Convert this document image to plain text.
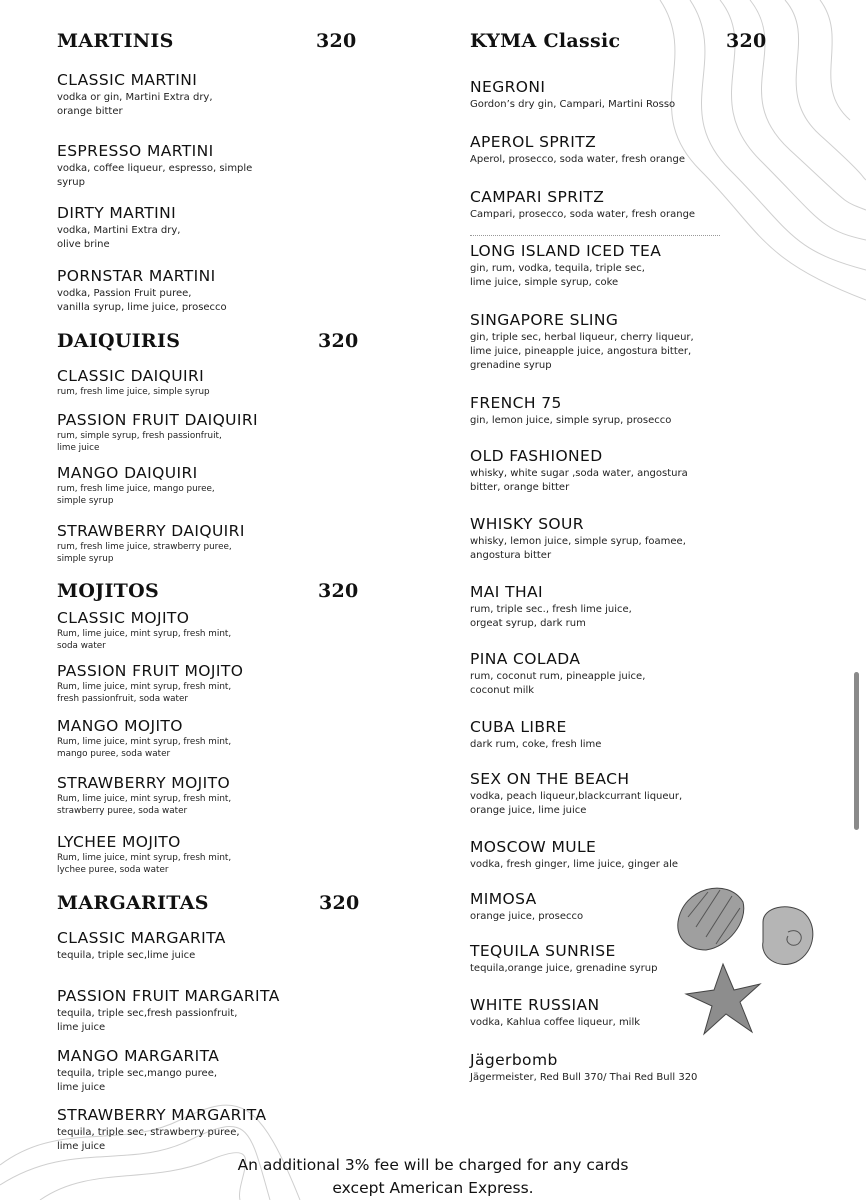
MARTINIS	320
CLASSIC MARTINI
vodka or gin, Martini Extra dry,
orange bitter
ESPRESSO MARTINI
vodka, coffee liqueur, espresso, simple
syrup
DIRTY MARTINI
vodka, Martini Extra dry,
olive brine
PORNSTAR MARTINI
vodka, Passion Fruit puree,
vanilla syrup, lime juice, prosecco
DAIQUIRIS	320
CLASSIC DAIQUIRI
rum, fresh lime juice, simple syrup
PASSION FRUIT DAIQUIRI
rum, simple syrup, fresh passionfruit,
lime juice
MANGO DAIQUIRI
rum, fresh lime juice, mango puree,
simple syrup
STRAWBERRY DAIQUIRI
rum, fresh lime juice, strawberry puree,
simple syrup
MOJITOS	320
CLASSIC MOJITO
Rum, lime juice, mint syrup, fresh mint,
soda water
PASSION FRUIT MOJITO
Rum, lime juice, mint syrup, fresh mint,
fresh passionfruit, soda water
MANGO MOJITO
Rum, lime juice, mint syrup, fresh mint,
mango puree, soda water
STRAWBERRY MOJITO
Rum, lime juice, mint syrup, fresh mint,
strawberry puree, soda water
LYCHEE MOJITO
Rum, lime juice, mint syrup, fresh mint,
lychee puree, soda water
MARGARITAS	320
CLASSIC MARGARITA
tequila, triple sec,lime juice
PASSION FRUIT MARGARITA
tequila, triple sec,fresh passionfruit,
lime juice
MANGO MARGARITA
tequila, triple sec,mango puree,
lime juice
STRAWBERRY MARGARITA
tequila, triple sec, strawberry puree,
lime juice
KYMA Classic	320
NEGRONI
Gordon’s dry gin, Campari, Martini Rosso
APEROL SPRITZ
Aperol, prosecco, soda water, fresh orange
CAMPARI SPRITZ
Campari, prosecco, soda water, fresh orange
LONG ISLAND ICED TEA
gin, rum, vodka, tequila, triple sec,
lime juice, simple syrup, coke
SINGAPORE SLING
gin, triple sec, herbal liqueur, cherry liqueur,
lime juice, pineapple juice, angostura bitter,
grenadine syrup
FRENCH 75
gin, lemon juice, simple syrup, prosecco
OLD FASHIONED
whisky, white sugar ,soda water, angostura
bitter, orange bitter
WHISKY SOUR
whisky, lemon juice, simple syrup, foamee,
angostura bitter
MAI THAI
rum, triple sec., fresh lime juice,
orgeat syrup, dark rum
PINA COLADA
rum, coconut rum, pineapple juice,
coconut milk
CUBA LIBRE
dark rum, coke, fresh lime
SEX ON THE BEACH
vodka, peach liqueur,blackcurrant liqueur,
orange juice, lime juice
MOSCOW MULE
vodka, fresh ginger, lime juice, ginger ale
MIMOSA
orange juice, prosecco
TEQUILA SUNRISE
tequila,orange juice, grenadine syrup
WHITE RUSSIAN
vodka, Kahlua coffee liqueur, milk
Jägerbomb
Jägermeister, Red Bull 370/ Thai Red Bull 320
An additional 3% fee will be charged for any cards
except American Express.
